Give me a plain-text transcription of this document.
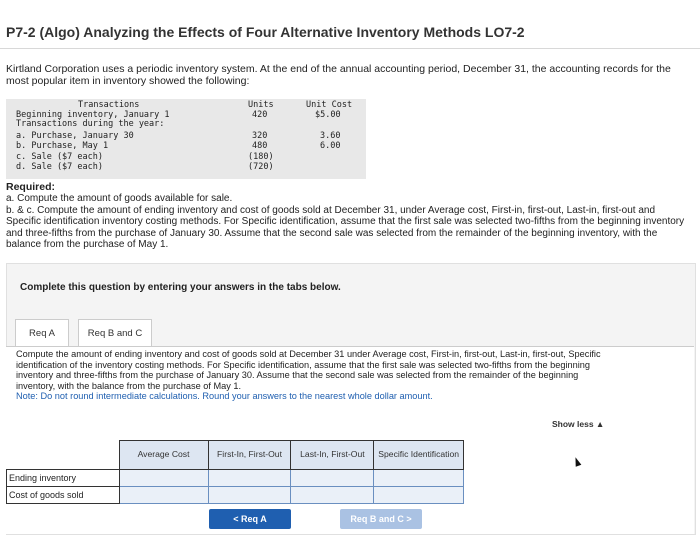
P7-2 (Algo) Analyzing the Effects of Four Alternative Inventory Methods LO7-2
Kirtland Corporation uses a periodic inventory system. At the end of the annual accounting period, December 31, the accounting records for the most popular item in inventory showed the following:
Transactions	Units	Unit Cost
Beginning inventory, January 1	420	$5.00
Transactions during the year:
a. Purchase, January 30	320	3.60
b. Purchase, May 1	480	6.00
c. Sale ($7 each)	(180)
d. Sale ($7 each)	(720)
Required:
a. Compute the amount of goods available for sale.
b. & c. Compute the amount of ending inventory and cost of goods sold at December 31, under Average cost, First-in, first-out, Last-in, first-out and Specific identification inventory costing methods. For Specific identification, assume that the first sale was selected two-fifths from the beginning inventory and three-fifths from the purchase of January 30. Assume that the second sale was selected from the remainder of the beginning inventory, with the balance from the purchase of May 1.
Complete this question by entering your answers in the tabs below.
Req A	Req B and C
Compute the amount of ending inventory and cost of goods sold at December 31 under Average cost, First-in, first-out, Last-in, first-out, Specific identification of the inventory costing methods. For Specific identification, assume that the first sale was selected two-fifths from the beginning inventory and three-fifths from the purchase of January 30. Assume that the second sale was selected from the remainder of the beginning inventory, with the balance from the purchase of May 1.
Note: Do not round intermediate calculations. Round your answers to the nearest whole dollar amount.
Show less ▲
	Average Cost	First-In, First-Out	Last-In, First-Out	Specific Identification
Ending inventory				
Cost of goods sold				
< Req A	Req B and C >
